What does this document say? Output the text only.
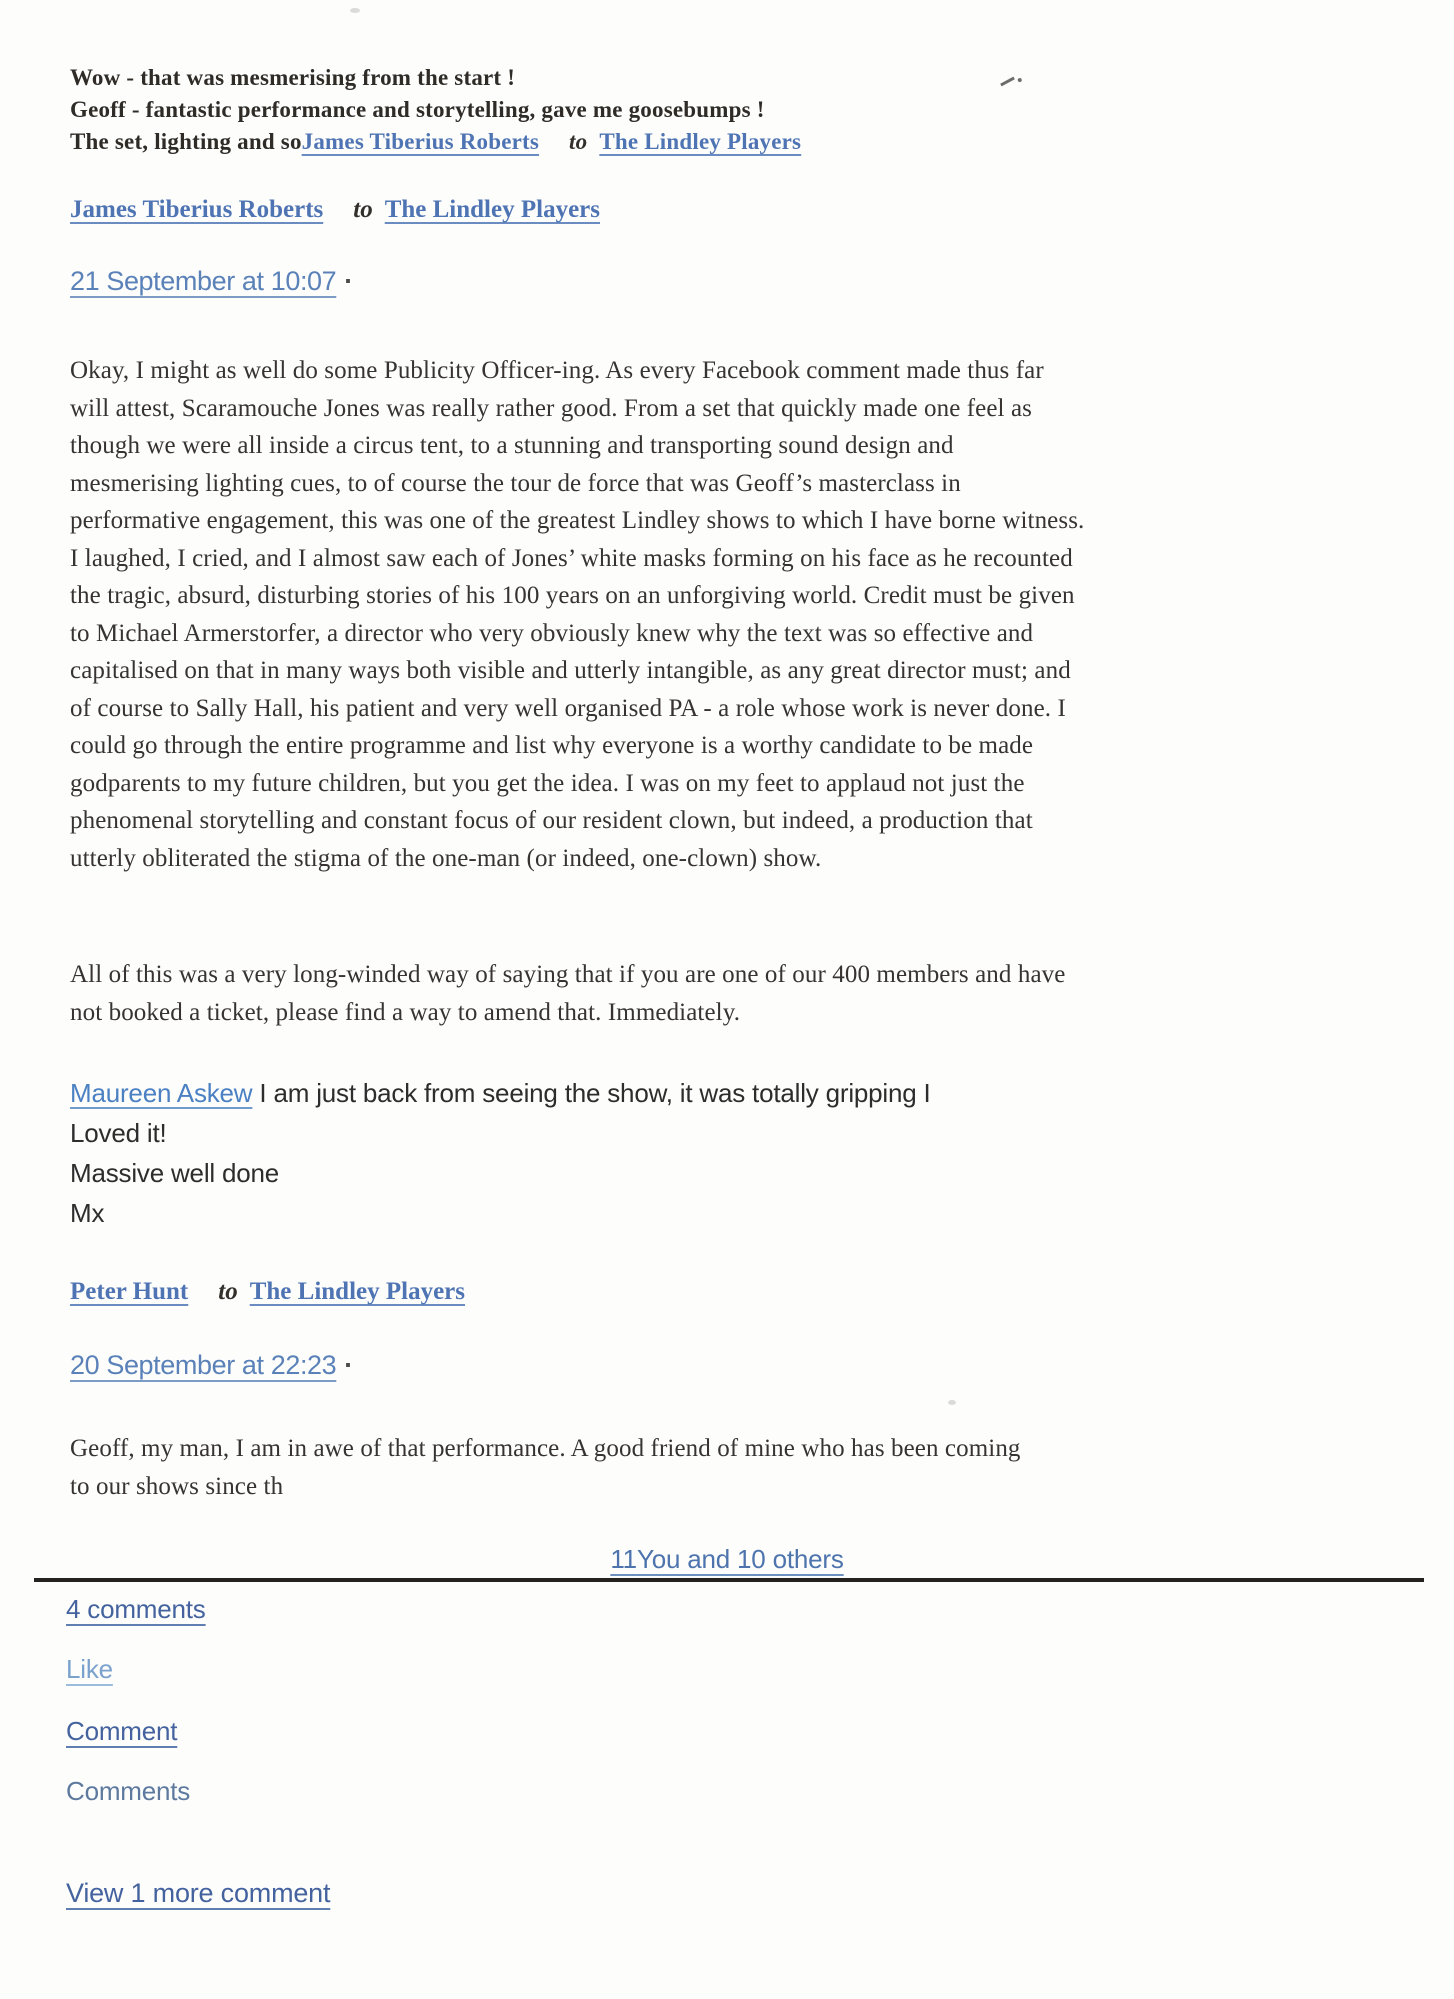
Wow - that was mesmerising from the start !
Geoff - fantastic performance and storytelling, gave me goosebumps !
The set, lighting and soJames Tiberius Roberts to The Lindley Players
James Tiberius Roberts to The Lindley Players
21 September at 10:07 ·
Okay, I might as well do some Publicity Officer-ing. As every Facebook comment made thus far will attest, Scaramouche Jones was really rather good. From a set that quickly made one feel as though we were all inside a circus tent, to a stunning and transporting sound design and mesmerising lighting cues, to of course the tour de force that was Geoff’s masterclass in performative engagement, this was one of the greatest Lindley shows to which I have borne witness. I laughed, I cried, and I almost saw each of Jones’ white masks forming on his face as he recounted the tragic, absurd, disturbing stories of his 100 years on an unforgiving world. Credit must be given to Michael Armerstorfer, a director who very obviously knew why the text was so effective and capitalised on that in many ways both visible and utterly intangible, as any great director must; and of course to Sally Hall, his patient and very well organised PA - a role whose work is never done. I could go through the entire programme and list why everyone is a worthy candidate to be made godparents to my future children, but you get the idea. I was on my feet to applaud not just the phenomenal storytelling and constant focus of our resident clown, but indeed, a production that utterly obliterated the stigma of the one-man (or indeed, one-clown) show.
All of this was a very long-winded way of saying that if you are one of our 400 members and have not booked a ticket, please find a way to amend that. Immediately.
Maureen Askew I am just back from seeing the show, it was totally gripping I
Loved it!
Massive well done
Mx
Peter Hunt to The Lindley Players
20 September at 22:23 ·
Geoff, my man, I am in awe of that performance. A good friend of mine who has been coming to our shows since th
11You and 10 others
4 comments
Like
Comment
Comments
View 1 more comment
